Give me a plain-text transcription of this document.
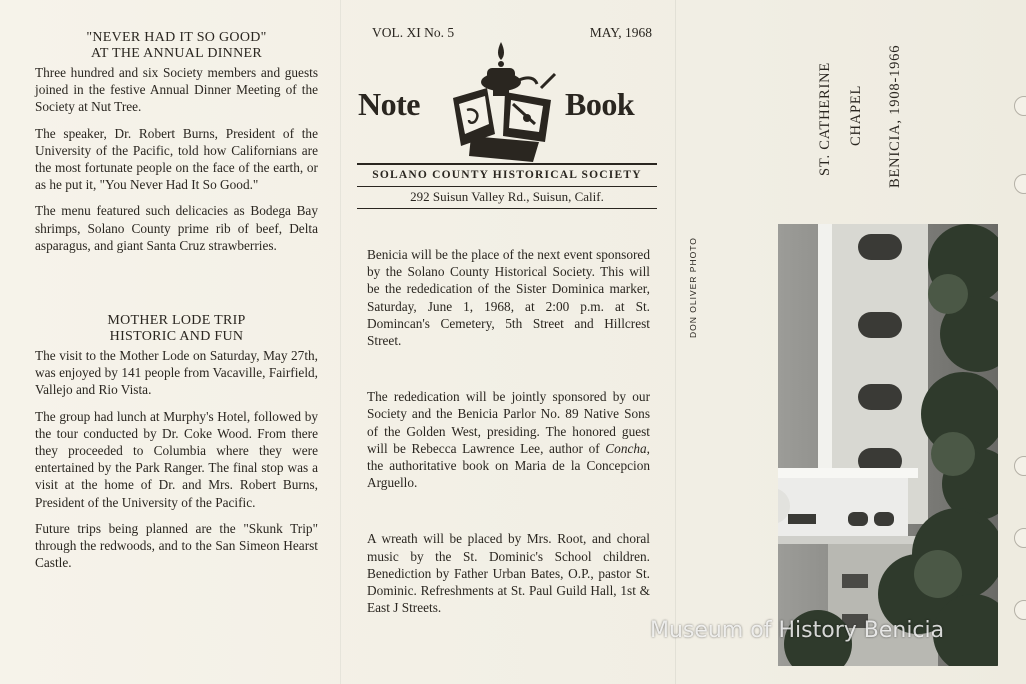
"NEVER HAD IT SO GOOD"
AT THE ANNUAL DINNER

Three hundred and six Society members and guests joined in the festive Annual Dinner Meeting of the Society at Nut Tree.

The speaker, Dr. Robert Burns, President of the University of the Pacific, told how Californians are the most fortunate people on the face of the earth, or as he put it, "You Never Had It So Good."

The menu featured such delicacies as Bodega Bay shrimps, Solano County prime rib of beef, Delta asparagus, and giant Santa Cruz strawberries.

MOTHER LODE TRIP
HISTORIC AND FUN

The visit to the Mother Lode on Saturday, May 27th, was enjoyed by 141 people from Vacaville, Fairfield, Vallejo and Rio Vista.

The group had lunch at Murphy's Hotel, followed by the tour conducted by Dr. Coke Wood. From there they proceeded to Columbia where they were entertained by the Park Ranger. The final stop was a visit at the home of Dr. and Mrs. Robert Burns, President of the University of the Pacific.

Future trips being planned are the "Skunk Trip" through the redwoods, and to the San Simeon Hearst Castle.

VOL. XI No. 5	MAY, 1968
Note	Book
SOLANO COUNTY HISTORICAL SOCIETY
292 Suisun Valley Rd., Suisun, Calif.

Benicia will be the place of the next event sponsored by the Solano County Historical Society. This will be the rededication of the Sister Dominica marker, Saturday, June 1, 1968, at 2:00 p.m. at St. Domincan's Cemetery, 5th Street and Hillcrest Street.

The rededication will be jointly sponsored by our Society and the Benicia Parlor No. 89 Native Sons of the Golden West, presiding. The honored guest will be Rebecca Lawrence Lee, author of Concha, the authoritative book on Maria de la Concepcion Arguello.

A wreath will be placed by Mrs. Root, and choral music by the St. Dominic's School children. Benediction by Father Urban Bates, O.P., pastor St. Dominic. Refreshments at St. Paul Guild Hall, 1st & East J Streets.

DON OLIVER PHOTO
ST. CATHERINE CHAPEL BENICIA, 1908-1966
Museum of History Benicia
